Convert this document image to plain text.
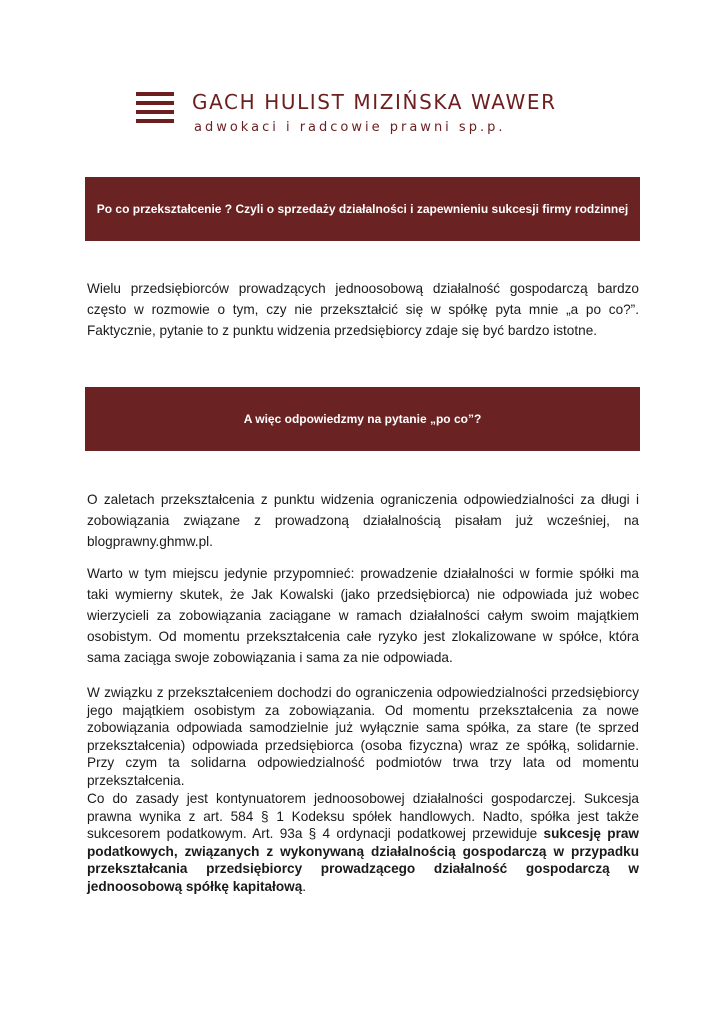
GACH HULIST MIZIŃSKA WAWER
adwokaci i radcowie prawni sp.p.
Po co przekształcenie ? Czyli o sprzedaży działalności i zapewnieniu sukcesji firmy rodzinnej

Wielu przedsiębiorców prowadzących jednoosobową działalność gospodarczą bardzo często w rozmowie o tym, czy nie przekształcić się w spółkę pyta mnie „a po co?”. Faktycznie, pytanie to z punktu widzenia przedsiębiorcy zdaje się być bardzo istotne.

A więc odpowiedzmy na pytanie „po co”?

O zaletach przekształcenia z punktu widzenia ograniczenia odpowiedzialności za długi i zobowiązania związane z prowadzoną działalnością pisałam już wcześniej, na blogprawny.ghmw.pl.

Warto w tym miejscu jedynie przypomnieć: prowadzenie działalności w formie spółki ma taki wymierny skutek, że Jak Kowalski (jako przedsiębiorca) nie odpowiada już wobec wierzycieli za zobowiązania zaciągane w ramach działalności całym swoim majątkiem osobistym. Od momentu przekształcenia całe ryzyko jest zlokalizowane w spółce, która sama zaciąga swoje zobowiązania i sama za nie odpowiada.

W związku z przekształceniem dochodzi do ograniczenia odpowiedzialności przedsiębiorcy jego majątkiem osobistym za zobowiązania. Od momentu przekształcenia za nowe zobowiązania odpowiada samodzielnie już wyłącznie sama spółka, za stare (te sprzed przekształcenia) odpowiada przedsiębiorca (osoba fizyczna) wraz ze spółką, solidarnie. Przy czym ta solidarna odpowiedzialność podmiotów trwa trzy lata od momentu przekształcenia.

Co do zasady jest kontynuatorem jednoosobowej działalności gospodarczej. Sukcesja prawna wynika z art. 584 § 1 Kodeksu spółek handlowych. Nadto, spółka jest także sukcesorem podatkowym. Art. 93a § 4 ordynacji podatkowej przewiduje sukcesję praw podatkowych, związanych z wykonywaną działalnością gospodarczą w przypadku przekształcania przedsiębiorcy prowadzącego działalność gospodarczą w jednoosobową spółkę kapitałową.
